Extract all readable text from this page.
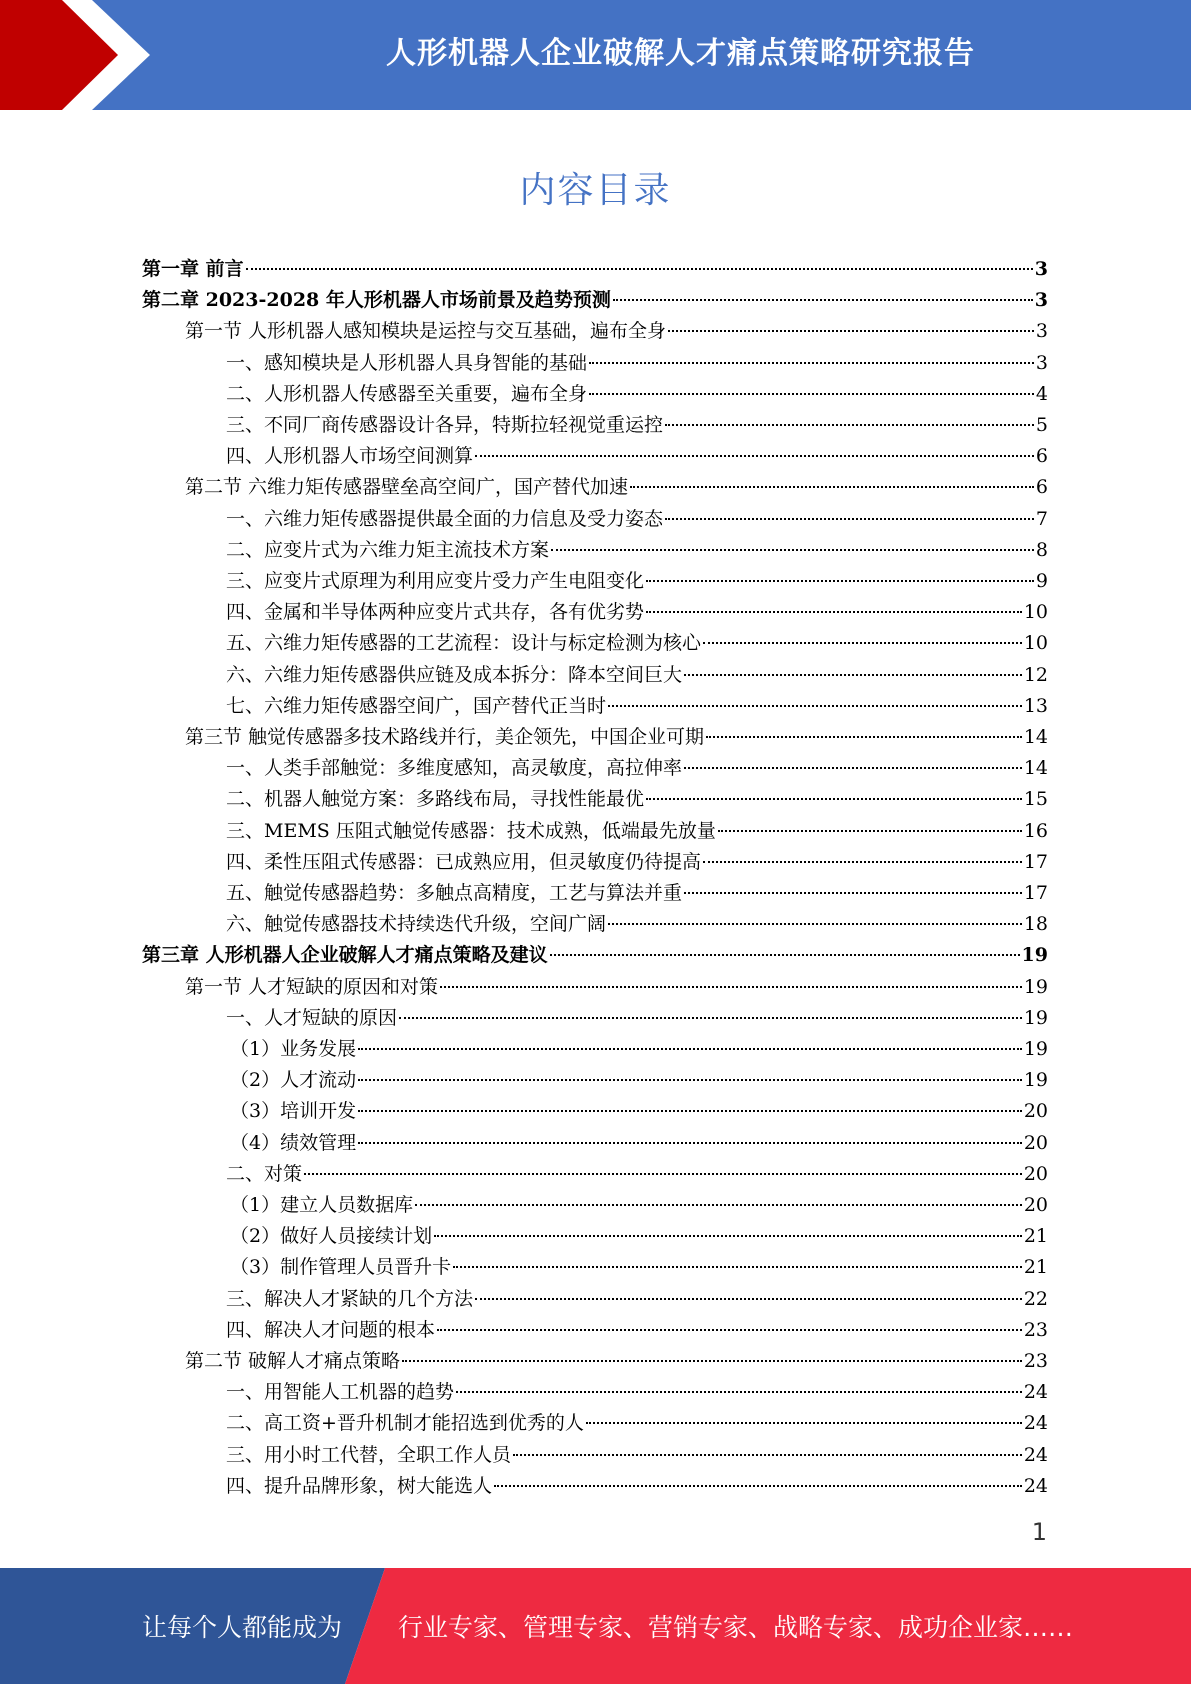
人形机器人企业破解人才痛点策略研究报告
内容目录
第一章 前言	3
第二章 2023-2028 年人形机器人市场前景及趋势预测	3
第一节 人形机器人感知模块是运控与交互基础，遍布全身	3
一、感知模块是人形机器人具身智能的基础	3
二、人形机器人传感器至关重要，遍布全身	4
三、不同厂商传感器设计各异，特斯拉轻视觉重运控	5
四、人形机器人市场空间测算	6
第二节 六维力矩传感器壁垒高空间广，国产替代加速	6
一、六维力矩传感器提供最全面的力信息及受力姿态	7
二、应变片式为六维力矩主流技术方案	8
三、应变片式原理为利用应变片受力产生电阻变化	9
四、金属和半导体两种应变片式共存，各有优劣势	10
五、六维力矩传感器的工艺流程：设计与标定检测为核心	10
六、六维力矩传感器供应链及成本拆分：降本空间巨大	12
七、六维力矩传感器空间广，国产替代正当时	13
第三节 触觉传感器多技术路线并行，美企领先，中国企业可期	14
一、人类手部触觉：多维度感知，高灵敏度，高拉伸率	14
二、机器人触觉方案：多路线布局，寻找性能最优	15
三、MEMS 压阻式触觉传感器：技术成熟，低端最先放量	16
四、柔性压阻式传感器：已成熟应用，但灵敏度仍待提高	17
五、触觉传感器趋势：多触点高精度，工艺与算法并重	17
六、触觉传感器技术持续迭代升级，空间广阔	18
第三章 人形机器人企业破解人才痛点策略及建议	19
第一节 人才短缺的原因和对策	19
一、人才短缺的原因	19
（1）业务发展	19
（2）人才流动	19
（3）培训开发	20
（4）绩效管理	20
二、对策	20
（1）建立人员数据库	20
（2）做好人员接续计划	21
（3）制作管理人员晋升卡	21
三、解决人才紧缺的几个方法	22
四、解决人才问题的根本	23
第二节 破解人才痛点策略	23
一、用智能人工机器的趋势	24
二、高工资+晋升机制才能招选到优秀的人	24
三、用小时工代替，全职工作人员	24
四、提升品牌形象，树大能选人	24
1
让每个人都能成为 行业专家、管理专家、营销专家、战略专家、成功企业家……
